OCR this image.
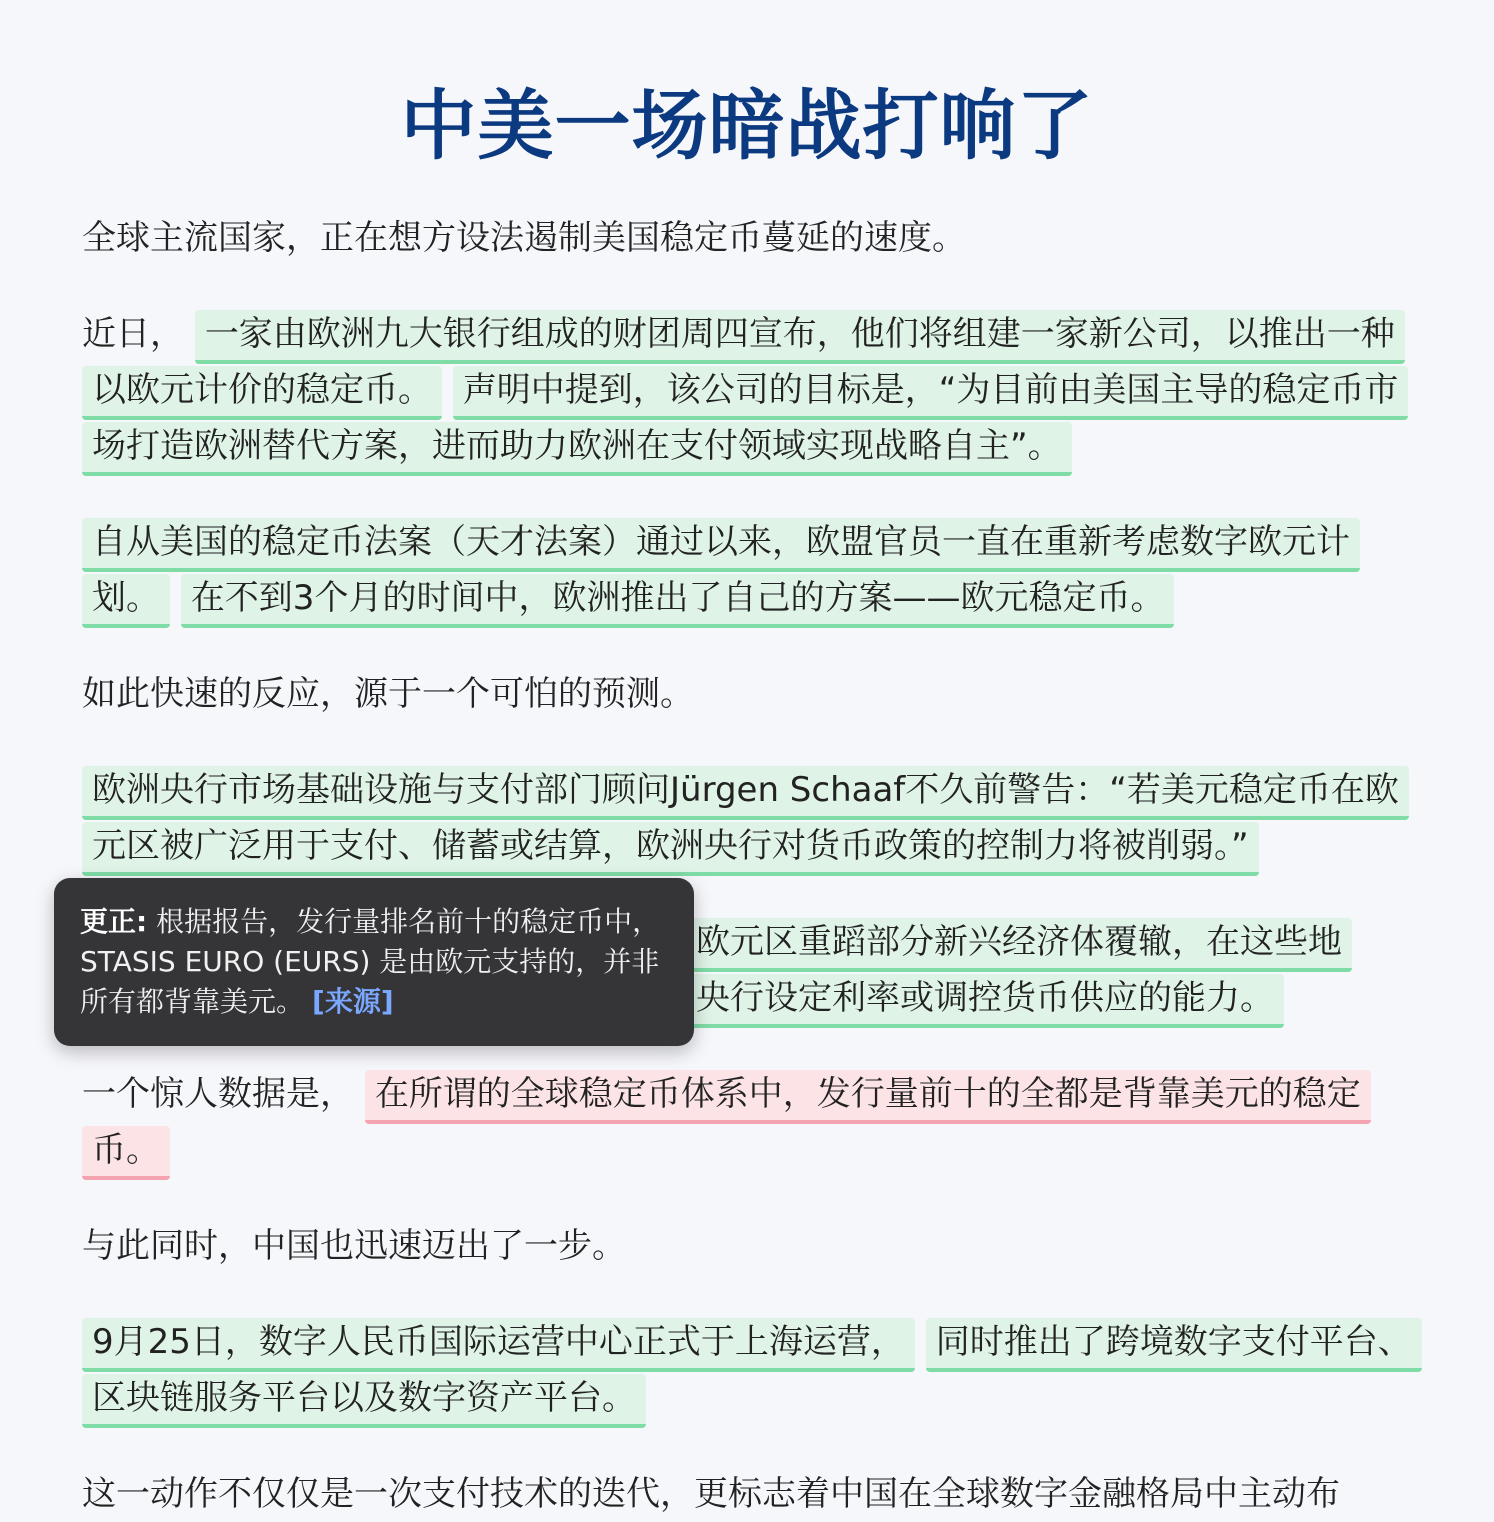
中美一场暗战打响了

全球主流国家，正在想方设法遏制美国稳定币蔓延的速度。

近日， 一家由欧洲九大银行组成的财团周四宣布，他们将组建一家新公司，以推出一种以欧元计价的稳定币。 声明中提到，该公司的目标是，“为目前由美国主导的稳定币市场打造欧洲替代方案，进而助力欧洲在支付领域实现战略自主”。

自从美国的稳定币法案（天才法案）通过以来，欧盟官员一直在重新考虑数字欧元计划。 在不到3个月的时间中，欧洲推出了自己的方案——欧元稳定币。

如此快速的反应，源于一个可怕的预测。

欧洲央行市场基础设施与支付部门顾问Jürgen Schaaf不久前警告：“若美元稳定币在欧元区被广泛用于支付、储蓄或结算，欧洲央行对货币政策的控制力将被削弱。”

欧元区重蹈部分新兴经济体覆辙，在这些地
央行设定利率或调控货币供应的能力。

一个惊人数据是， 在所谓的全球稳定币体系中，发行量前十的全都是背靠美元的稳定币。

与此同时，中国也迅速迈出了一步。

9月25日，数字人民币国际运营中心正式于上海运营， 同时推出了跨境数字支付平台、区块链服务平台以及数字资产平台。

这一动作不仅仅是一次支付技术的迭代，更标志着中国在全球数字金融格局中主动布

更正: 根据报告，发行量排名前十的稳定币中，STASIS EURO (EURS) 是由欧元支持的，并非所有都背靠美元。 [来源]
